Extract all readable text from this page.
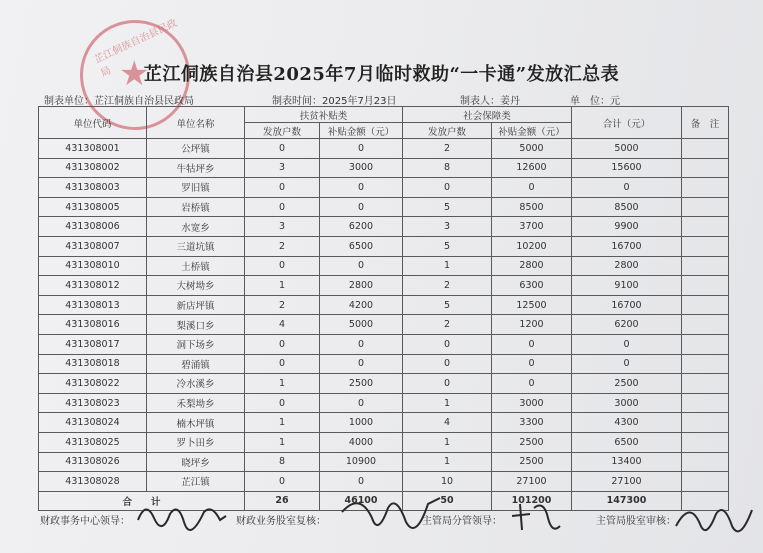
芷江侗族自治县民政局 ★
芷江侗族自治县2025年7月临时救助“一卡通”发放汇总表
制表单位：芷江侗族自治县民政局	制表时间：2025年7月23日	制表人：姜丹	单　位：元
单位代码	单位名称	扶贫补贴类		社会保障类		合计（元）	备　注
		发放户数	补贴金额（元）	发放户数	补贴金额（元）		
431308001	公坪镇	0	0	2	5000	5000	
431308002	牛牯坪乡	3	3000	8	12600	15600	
431308003	罗旧镇	0	0	0	0	0	
431308005	岩桥镇	0	0	5	8500	8500	
431308006	水宽乡	3	6200	3	3700	9900	
431308007	三道坑镇	2	6500	5	10200	16700	
431308010	土桥镇	0	0	1	2800	2800	
431308012	大树坳乡	1	2800	2	6300	9100	
431308013	新店坪镇	2	4200	5	12500	16700	
431308016	梨溪口乡	4	5000	2	1200	6200	
431308017	洞下场乡	0	0	0	0	0	
431308018	碧涌镇	0	0	0	0	0	
431308022	冷水溪乡	1	2500	0	0	2500	
431308023	禾梨坳乡	0	0	1	3000	3000	
431308024	楠木坪镇	1	1000	4	3300	4300	
431308025	罗卜田乡	1	4000	1	2500	6500	
431308026	晓坪乡	8	10900	1	2500	13400	
431308028	芷江镇	0	0	10	27100	27100	
合　　计		26	46100	50	101200	147300	
财政事务中心领导：	财政业务股室复核：	主管局分管领导：	主管局股室审核：
